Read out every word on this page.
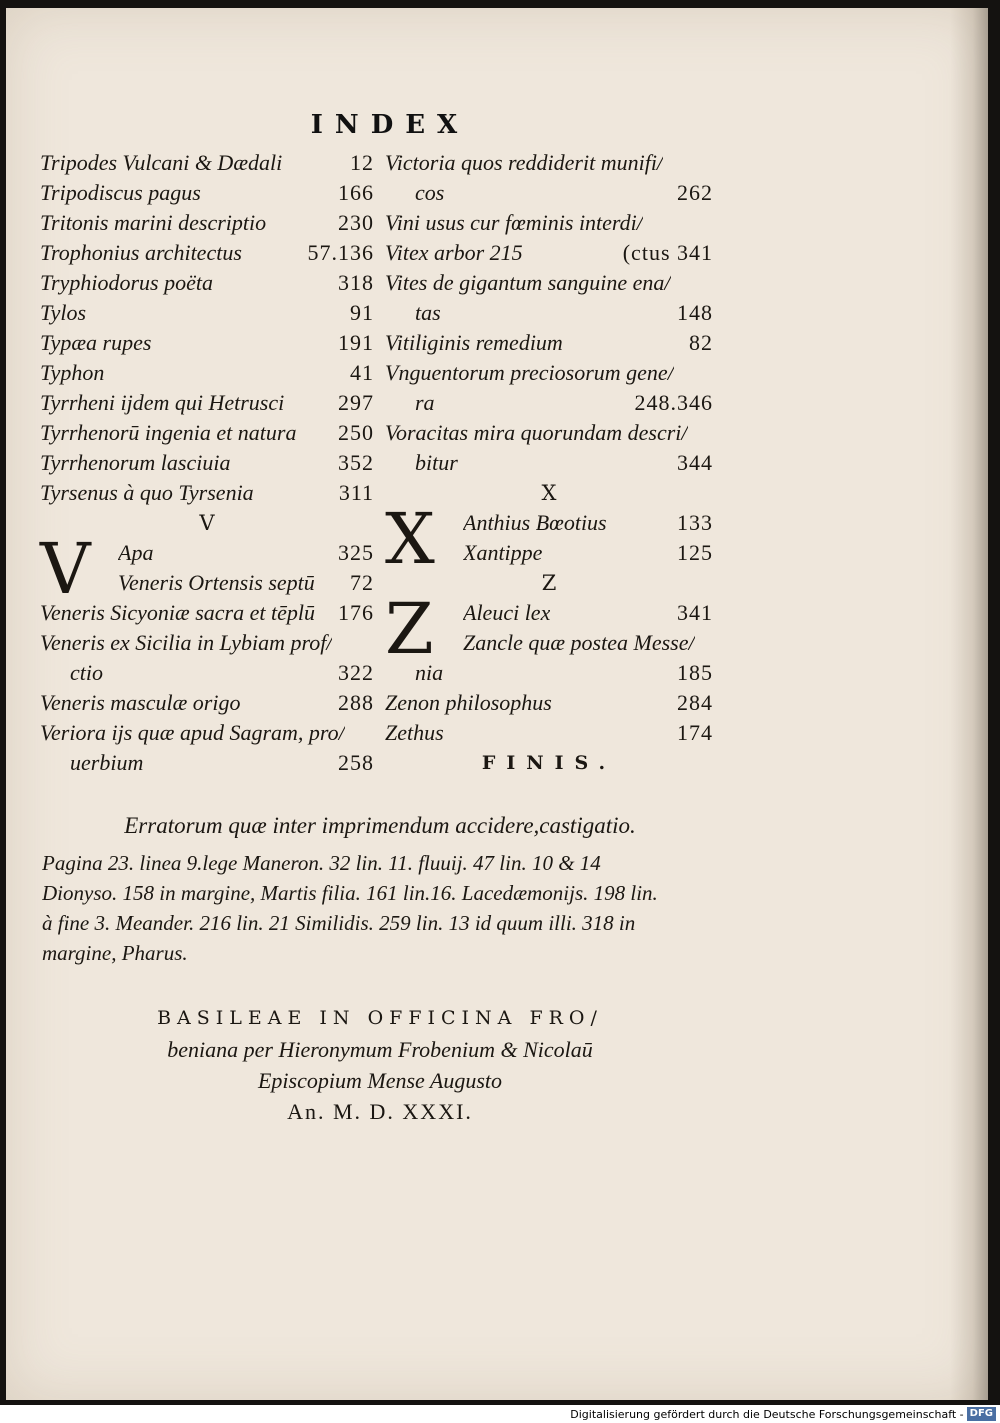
INDEX
Tripodes Vulcani & Dædali	12
Tripodiscus pagus	166
Tritonis marini descriptio	230
Trophonius architectus	57.136
Tryphiodorus poëta	318
Tylos	91
Typæa rupes	191
Typhon	41
Tyrrheni ijdem qui Hetrusci 297
Tyrrhenorū ingenia et natura 250
Tyrrhenorum lasciuia	352
Tyrsenus à quo Tyrsenia	311
V
V Apa	325
Veneris Ortensis septū 72
Veneris Sicyoniæ sacra et tēplū 176
Veneris ex Sicilia in Lybiam prof/
ctio	322
Veneris masculæ origo	288
Veriora ijs quæ apud Sagram, pro/
uerbium	258
Victoria quos reddiderit munifi/
cos	262
Vini usus cur fœminis interdi/
Vitex arbor 215	(ctus 341
Vites de gigantum sanguine ena/
tas	148
Vitiliginis remedium	82
Vnguentorum preciosorum gene/
ra	248.346
Voracitas mira quorundam descri/
bitur	344
X
X Anthius Bœotius	133
Xantippe	125
Z
Z Aleuci lex	341
Zancle quæ postea Messe/
nia	185
Zenon philosophus	284
Zethus	174
FINIS.
Erratorum quæ inter imprimendum accidere,castigatio.
Pagina 23. linea 9.lege Maneron. 32 lin. 11. fluuij. 47 lin. 10 & 14
Dionyso. 158 in margine, Martis filia. 161 lin.16. Lacedæmonijs. 198 lin.
à fine 3. Meander. 216 lin. 21 Similidis. 259 lin. 13 id quum illi. 318 in
margine, Pharus.
BASILEAE IN OFFICINA FRO/
beniana per Hieronymum Frobenium & Nicolaū
Episcopium Mense Augusto
An. M. D. XXXI.
Digitalisierung gefördert durch die Deutsche Forschungsgemeinschaft - DFG
